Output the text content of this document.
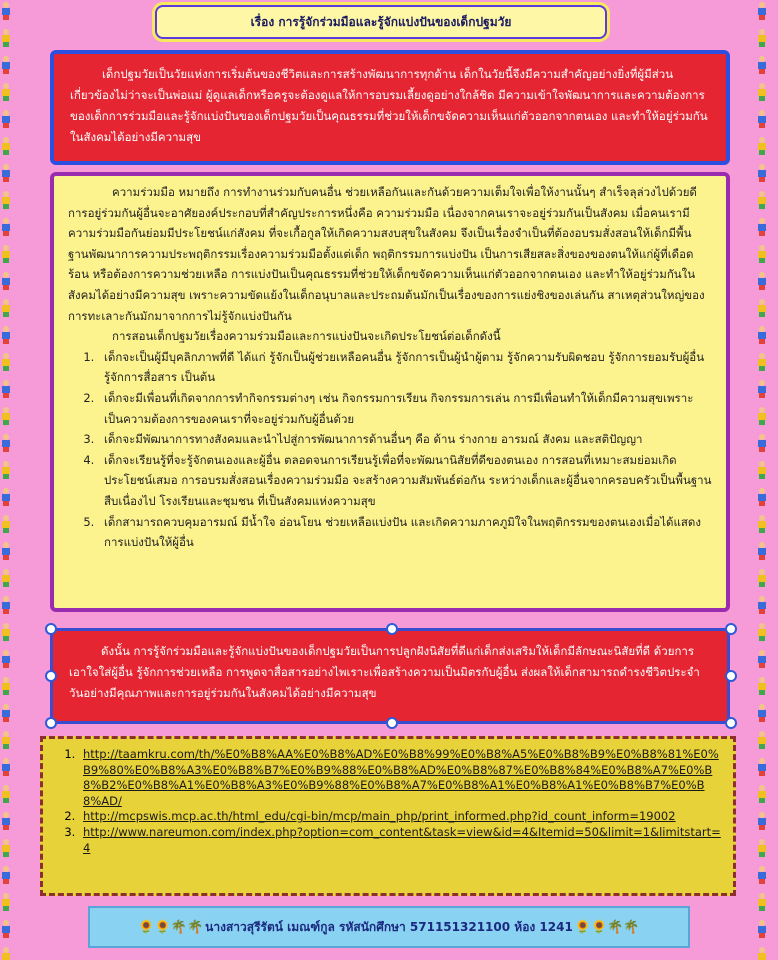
เรื่อง การรู้จักร่วมมือและรู้จักแบ่งปันของเด็กปฐมวัย

เด็กปฐมวัยเป็นวัยแห่งการเริ่มต้นของชีวิตและการสร้างพัฒนาการทุกด้าน เด็กในวัยนี้จึงมีความสำคัญอย่างยิ่งที่ผู้มีส่วนเกี่ยวข้องไม่ว่าจะเป็นพ่อแม่ ผู้ดูแลเด็กหรือครูจะต้องดูแลให้การอบรมเลี้ยงดูอย่างใกล้ชิด มีความเข้าใจพัฒนาการและความต้องการของเด็กการร่วมมือและรู้จักแบ่งปันของเด็กปฐมวัยเป็นคุณธรรมที่ช่วยให้เด็กขจัดความเห็นแก่ตัวออกจากตนเอง และทำให้อยู่ร่วมกันในสังคมได้อย่างมีความสุข

ความร่วมมือ หมายถึง การทำงานร่วมกับคนอื่น ช่วยเหลือกันและกันด้วยความเต็มใจเพื่อให้งานนั้นๆ สำเร็จลุล่วงไปด้วยดี การอยู่ร่วมกันผู้อื่นจะอาศัยองค์ประกอบที่สำคัญประการหนึ่งคือ ความร่วมมือ เนื่องจากคนเราจะอยู่ร่วมกันเป็นสังคม เมื่อคนเรามีความร่วมมือกันย่อมมีประโยชน์แก่สังคม ที่จะเกื้อกูลให้เกิดความสงบสุขในสังคม จึงเป็นเรื่องจำเป็นที่ต้องอบรมสั่งสอนให้เด็กมีพื้นฐานพัฒนาการความประพฤติกรรมเรื่องความร่วมมือตั้งแต่เด็ก พฤติกรรมการแบ่งปัน เป็นการเสียสละสิ่งของของตนให้แก่ผู้ที่เดือดร้อน หรือต้องการความช่วยเหลือ การแบ่งปันเป็นคุณธรรมที่ช่วยให้เด็กขจัดความเห็นแก่ตัวออกจากตนเอง และทำให้อยู่ร่วมกันในสังคมได้อย่างมีความสุข เพราะความขัดแย้งในเด็กอนุบาลและประถมต้นมักเป็นเรื่องของการแย่งชิงของเล่นกัน สาเหตุส่วนใหญ่ของการทะเลาะกันมักมาจากการไม่รู้จักแบ่งปันกัน

การสอนเด็กปฐมวัยเรื่องความร่วมมือและการแบ่งปันจะเกิดประโยชน์ต่อเด็กดังนี้

1. เด็กจะเป็นผู้มีบุคลิกภาพที่ดี ได้แก่ รู้จักเป็นผู้ช่วยเหลือคนอื่น รู้จักการเป็นผู้นำผู้ตาม รู้จักความรับผิดชอบ รู้จักการยอมรับผู้อื่น รู้จักการสื่อสาร เป็นต้น
2. เด็กจะมีเพื่อนที่เกิดจากการทำกิจกรรมต่างๆ เช่น กิจกรรมการเรียน กิจกรรมการเล่น การมีเพื่อนทำให้เด็กมีความสุขเพราะเป็นความต้องการของคนเราที่จะอยู่ร่วมกับผู้อื่นด้วย
3. เด็กจะมีพัฒนาการทางสังคมและนำไปสู่การพัฒนาการด้านอื่นๆ คือ ด้าน ร่างกาย อารมณ์ สังคม และสติปัญญา
4. เด็กจะเรียนรู้ที่จะรู้จักตนเองและผู้อื่น ตลอดจนการเรียนรู้เพื่อที่จะพัฒนานิสัยที่ดีของตนเอง การสอนที่เหมาะสมย่อมเกิดประโยชน์เสมอ การอบรมสั่งสอนเรื่องความร่วมมือ จะสร้างความสัมพันธ์ต่อกัน ระหว่างเด็กและผู้อื่นจากครอบครัวเป็นพื้นฐาน สืบเนื่องไป โรงเรียนและชุมชน ที่เป็นสังคมแห่งความสุข
5. เด็กสามารถควบคุมอารมณ์ มีน้ำใจ อ่อนโยน ช่วยเหลือแบ่งปัน และเกิดความภาคภูมิใจในพฤติกรรมของตนเองเมื่อได้แสดงการแบ่งปันให้ผู้อื่น

ดังนั้น การรู้จักร่วมมือและรู้จักแบ่งปันของเด็กปฐมวัยเป็นการปลูกฝังนิสัยที่ดีแก่เด็กส่งเสริมให้เด็กมีลักษณะนิสัยที่ดี ด้วยการเอาใจใส่ผู้อื่น รู้จักการช่วยเหลือ การพูดจาสื่อสารอย่างไพเราะเพื่อสร้างความเป็นมิตรกับผู้อื่น ส่งผลให้เด็กสามารถดำรงชีวิตประจำวันอย่างมีคุณภาพและการอยู่ร่วมกันในสังคมได้อย่างมีความสุข

1. http://taamkru.com/th/%E0%B8%AA%E0%B8%AD%E0%B8%99%E0%B8%A5%E0%B8%B9%E0%B8%81%E0%B9%80%E0%B8%A3%E0%B8%B7%E0%B9%88%E0%B8%AD%E0%B8%87%E0%B8%84%E0%B8%A7%E0%B8%B2%E0%B8%A1%E0%B8%A3%E0%B9%88%E0%B8%A7%E0%B8%A1%E0%B8%A1%E0%B8%B7%E0%B8%AD/
2. http://mcpswis.mcp.ac.th/html_edu/cgi-bin/mcp/main_php/print_informed.php?id_count_inform=19002
3. http://www.nareumon.com/index.php?option=com_content&task=view&id=4&Itemid=50&limit=1&limitstart=4
🌻🌻🌴🌴 นางสาวสุรีรัตน์ เมณฑ์กูล รหัสนักศึกษา 571151321100 ห้อง 1241 🌻🌻🌴🌴
